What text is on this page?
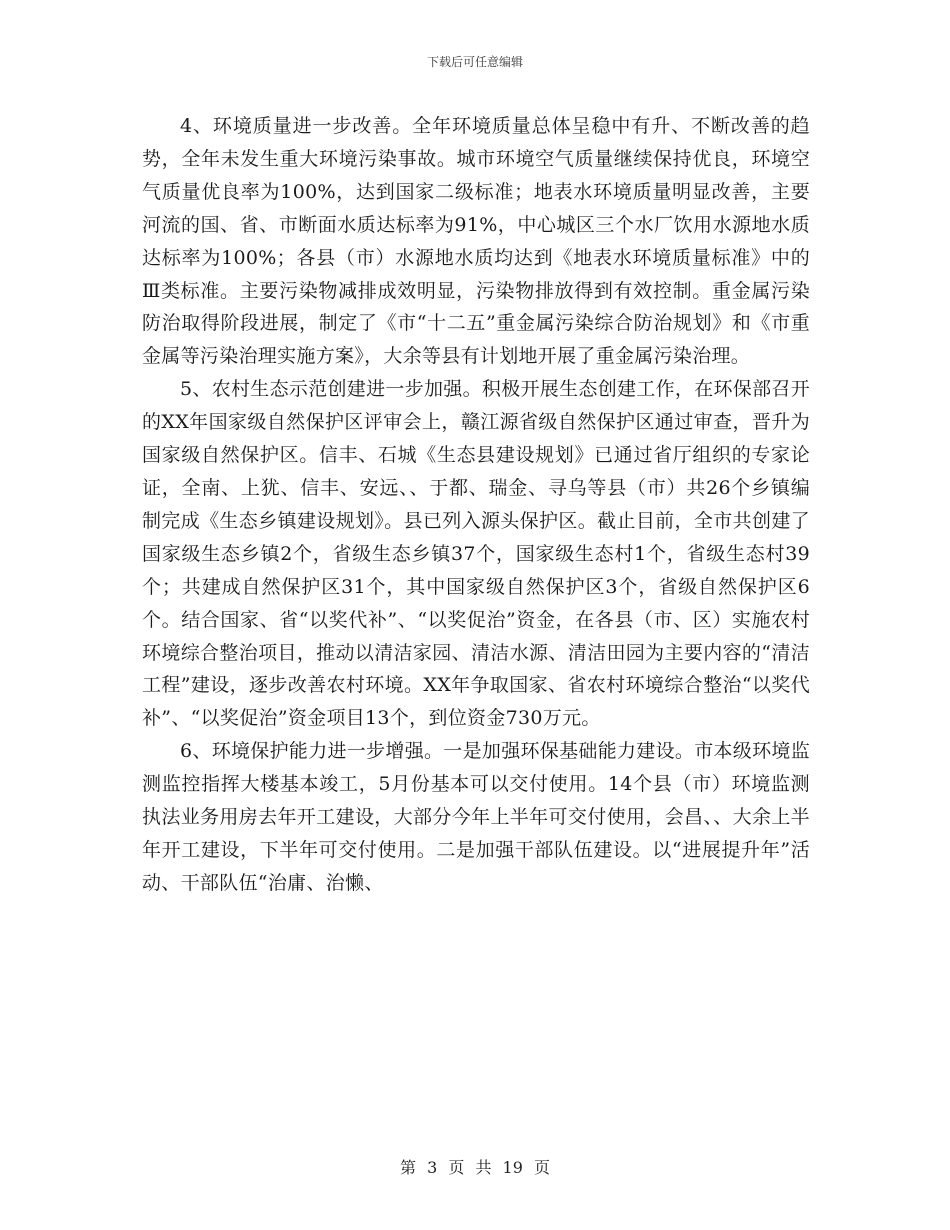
下载后可任意编辑

4、环境质量进一步改善。全年环境质量总体呈稳中有升、不断改善的趋势，全年未发生重大环境污染事故。城市环境空气质量继续保持优良，环境空气质量优良率为100%，达到国家二级标准；地表水环境质量明显改善，主要河流的国、省、市断面水质达标率为91%，中心城区三个水厂饮用水源地水质达标率为100%；各县（市）水源地水质均达到《地表水环境质量标准》中的Ⅲ类标准。主要污染物减排成效明显，污染物排放得到有效控制。重金属污染防治取得阶段进展，制定了《市“十二五”重金属污染综合防治规划》和《市重金属等污染治理实施方案》，大余等县有计划地开展了重金属污染治理。

5、农村生态示范创建进一步加强。积极开展生态创建工作，在环保部召开的XX年国家级自然保护区评审会上，赣江源省级自然保护区通过审查，晋升为国家级自然保护区。信丰、石城《生态县建设规划》已通过省厅组织的专家论证，全南、上犹、信丰、安远、、于都、瑞金、寻乌等县（市）共26个乡镇编制完成《生态乡镇建设规划》。县已列入源头保护区。截止目前，全市共创建了国家级生态乡镇2个，省级生态乡镇37个，国家级生态村1个，省级生态村39个；共建成自然保护区31个，其中国家级自然保护区3个，省级自然保护区6个。结合国家、省“以奖代补”、“以奖促治”资金，在各县（市、区）实施农村环境综合整治项目，推动以清洁家园、清洁水源、清洁田园为主要内容的“清洁工程”建设，逐步改善农村环境。XX年争取国家、省农村环境综合整治“以奖代补”、“以奖促治”资金项目13个，到位资金730万元。

6、环境保护能力进一步增强。一是加强环保基础能力建设。市本级环境监测监控指挥大楼基本竣工，5月份基本可以交付使用。14个县（市）环境监测执法业务用房去年开工建设，大部分今年上半年可交付使用，会昌、、大余上半年开工建设，下半年可交付使用。二是加强干部队伍建设。以“进展提升年”活动、干部队伍“治庸、治懒、

第 3 页 共 19 页
